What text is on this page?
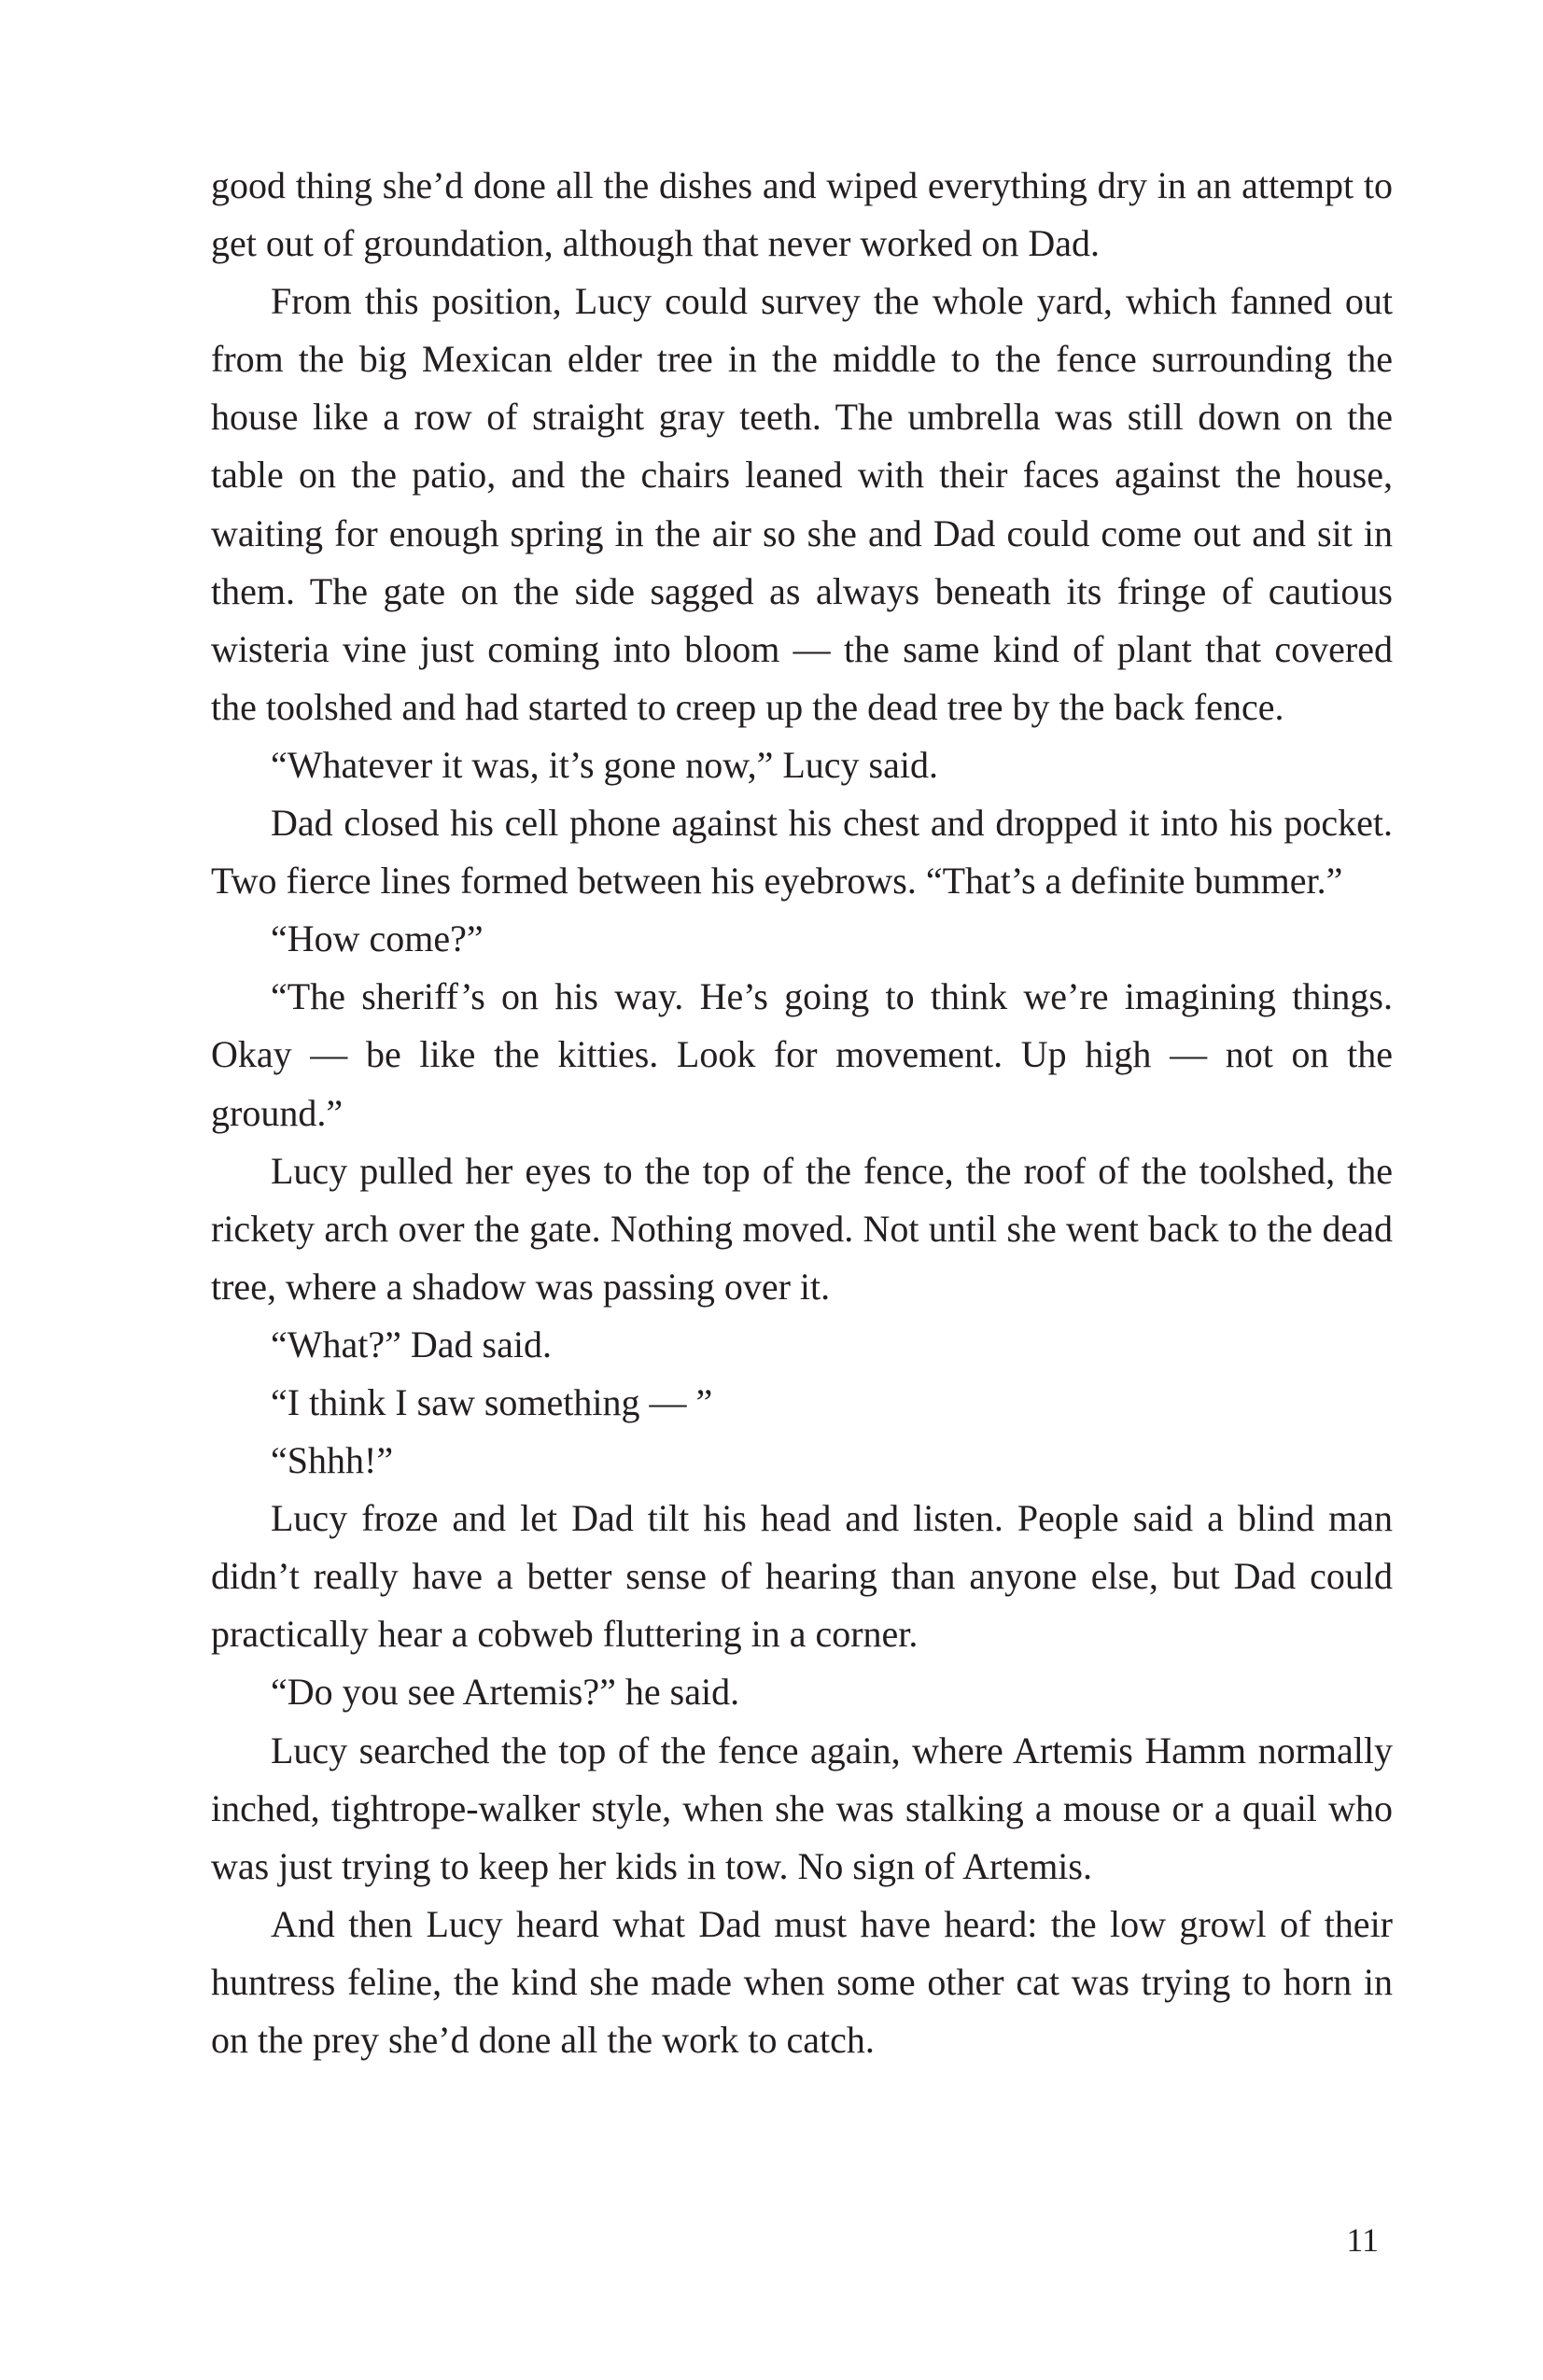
good thing she’d done all the dishes and wiped everything dry in an attempt to get out of groundation, although that never worked on Dad.

From this position, Lucy could survey the whole yard, which fanned out from the big Mexican elder tree in the middle to the fence surrounding the house like a row of straight gray teeth. The umbrella was still down on the table on the patio, and the chairs leaned with their faces against the house, waiting for enough spring in the air so she and Dad could come out and sit in them. The gate on the side sagged as always beneath its fringe of cautious wisteria vine just coming into bloom — the same kind of plant that covered the toolshed and had started to creep up the dead tree by the back fence.

“Whatever it was, it’s gone now,” Lucy said.

Dad closed his cell phone against his chest and dropped it into his pocket. Two fierce lines formed between his eyebrows. “That’s a definite bummer.”

“How come?”

“The sheriff’s on his way. He’s going to think we’re imagining things. Okay — be like the kitties. Look for movement. Up high — not on the ground.”

Lucy pulled her eyes to the top of the fence, the roof of the toolshed, the rickety arch over the gate. Nothing moved. Not until she went back to the dead tree, where a shadow was passing over it.

“What?” Dad said.

“I think I saw something — ”

“Shhh!”

Lucy froze and let Dad tilt his head and listen. People said a blind man didn’t really have a better sense of hearing than anyone else, but Dad could practically hear a cobweb fluttering in a corner.

“Do you see Artemis?” he said.

Lucy searched the top of the fence again, where Artemis Hamm normally inched, tightrope-walker style, when she was stalking a mouse or a quail who was just trying to keep her kids in tow. No sign of Artemis.

And then Lucy heard what Dad must have heard: the low growl of their huntress feline, the kind she made when some other cat was trying to horn in on the prey she’d done all the work to catch.

11
